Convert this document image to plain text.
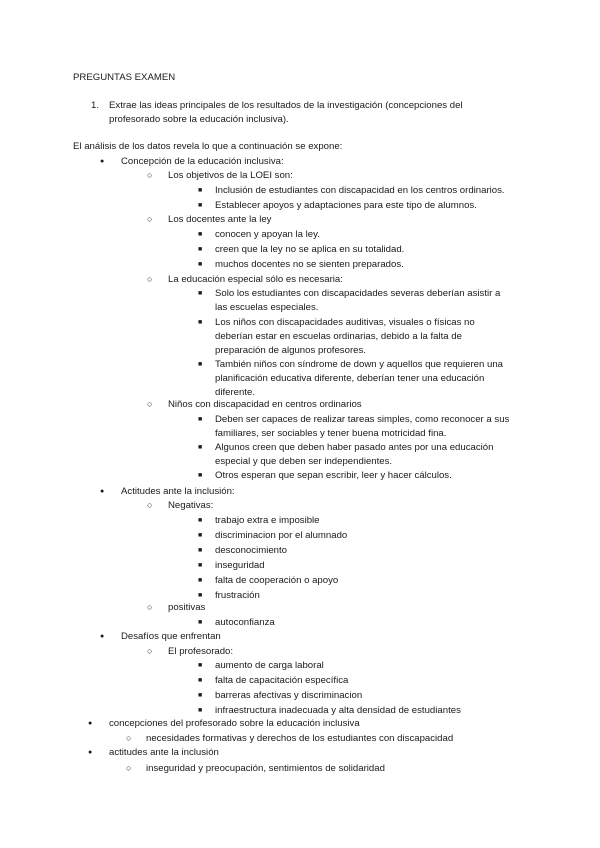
PREGUNTAS EXAMEN
1. Extrae las ideas principales de los resultados de la investigación (concepciones del
profesorado sobre la educación inclusiva).
El análisis de los datos revela lo que a continuación se expone:
● Concepción de la educación inclusiva:
○ Los objetivos de la LOEI son:
■ Inclusión de estudiantes con discapacidad en los centros ordinarios.
■ Establecer apoyos y adaptaciones para este tipo de alumnos.
○ Los docentes ante la ley
■ conocen y apoyan la ley.
■ creen que la ley no se aplica en su totalidad.
■ muchos docentes no se sienten preparados.
○ La educación especial sólo es necesaria:
■ Solo los estudiantes con discapacidades severas deberían asistir a
las escuelas especiales.
■ Los niños con discapacidades auditivas, visuales o físicas no
deberían estar en escuelas ordinarias, debido a la falta de
preparación de algunos profesores.
■ También niños con síndrome de down y aquellos que requieren una
planificación educativa diferente, deberían tener una educación
diferente.
○ Niños con discapacidad en centros ordinarios
■ Deben ser capaces de realizar tareas simples, como reconocer a sus
familiares, ser sociables y tener buena motricidad fina.
■ Algunos creen que deben haber pasado antes por una educación
especial y que deben ser independientes.
■ Otros esperan que sepan escribir, leer y hacer cálculos.
● Actitudes ante la inclusión:
○ Negativas:
■ trabajo extra e imposible
■ discriminacion por el alumnado
■ desconocimiento
■ inseguridad
■ falta de cooperación o apoyo
■ frustración
○ positivas
■ autoconfianza
● Desafíos que enfrentan
○ El profesorado:
■ aumento de carga laboral
■ falta de capacitación específica
■ barreras afectivas y discriminacion
■ infraestructura inadecuada y alta densidad de estudiantes
● concepciones del profesorado sobre la educación inclusiva
○ necesidades formativas y derechos de los estudiantes con discapacidad
● actitudes ante la inclusión
○ inseguridad y preocupación, sentimientos de solidaridad
